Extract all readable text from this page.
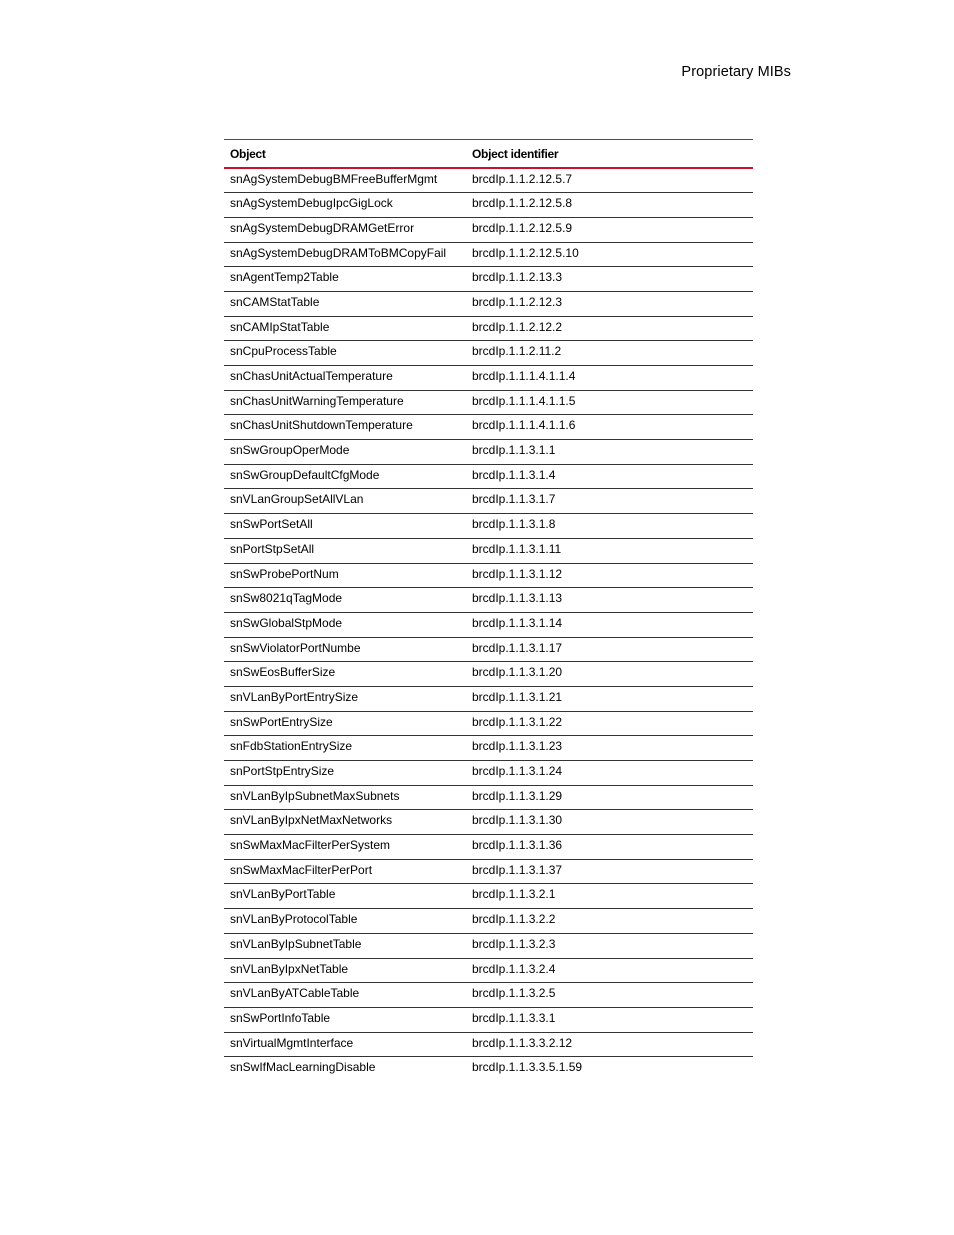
Proprietary MIBs
Object	Object identifier
snAgSystemDebugBMFreeBufferMgmt	brcdIp.1.1.2.12.5.7
snAgSystemDebugIpcGigLock	brcdIp.1.1.2.12.5.8
snAgSystemDebugDRAMGetError	brcdIp.1.1.2.12.5.9
snAgSystemDebugDRAMToBMCopyFail	brcdIp.1.1.2.12.5.10
snAgentTemp2Table	brcdIp.1.1.2.13.3
snCAMStatTable	brcdIp.1.1.2.12.3
snCAMIpStatTable	brcdIp.1.1.2.12.2
snCpuProcessTable	brcdIp.1.1.2.11.2
snChasUnitActualTemperature	brcdIp.1.1.1.4.1.1.4
snChasUnitWarningTemperature	brcdIp.1.1.1.4.1.1.5
snChasUnitShutdownTemperature	brcdIp.1.1.1.4.1.1.6
snSwGroupOperMode	brcdIp.1.1.3.1.1
snSwGroupDefaultCfgMode	brcdIp.1.1.3.1.4
snVLanGroupSetAllVLan	brcdIp.1.1.3.1.7
snSwPortSetAll	brcdIp.1.1.3.1.8
snPortStpSetAll	brcdIp.1.1.3.1.11
snSwProbePortNum	brcdIp.1.1.3.1.12
snSw8021qTagMode	brcdIp.1.1.3.1.13
snSwGlobalStpMode	brcdIp.1.1.3.1.14
snSwViolatorPortNumbe	brcdIp.1.1.3.1.17
snSwEosBufferSize	brcdIp.1.1.3.1.20
snVLanByPortEntrySize	brcdIp.1.1.3.1.21
snSwPortEntrySize	brcdIp.1.1.3.1.22
snFdbStationEntrySize	brcdIp.1.1.3.1.23
snPortStpEntrySize	brcdIp.1.1.3.1.24
snVLanByIpSubnetMaxSubnets	brcdIp.1.1.3.1.29
snVLanByIpxNetMaxNetworks	brcdIp.1.1.3.1.30
snSwMaxMacFilterPerSystem	brcdIp.1.1.3.1.36
snSwMaxMacFilterPerPort	brcdIp.1.1.3.1.37
snVLanByPortTable	brcdIp.1.1.3.2.1
snVLanByProtocolTable	brcdIp.1.1.3.2.2
snVLanByIpSubnetTable	brcdIp.1.1.3.2.3
snVLanByIpxNetTable	brcdIp.1.1.3.2.4
snVLanByATCableTable	brcdIp.1.1.3.2.5
snSwPortInfoTable	brcdIp.1.1.3.3.1
snVirtualMgmtInterface	brcdIp.1.1.3.3.2.12
snSwIfMacLearningDisable	brcdIp.1.1.3.3.5.1.59
